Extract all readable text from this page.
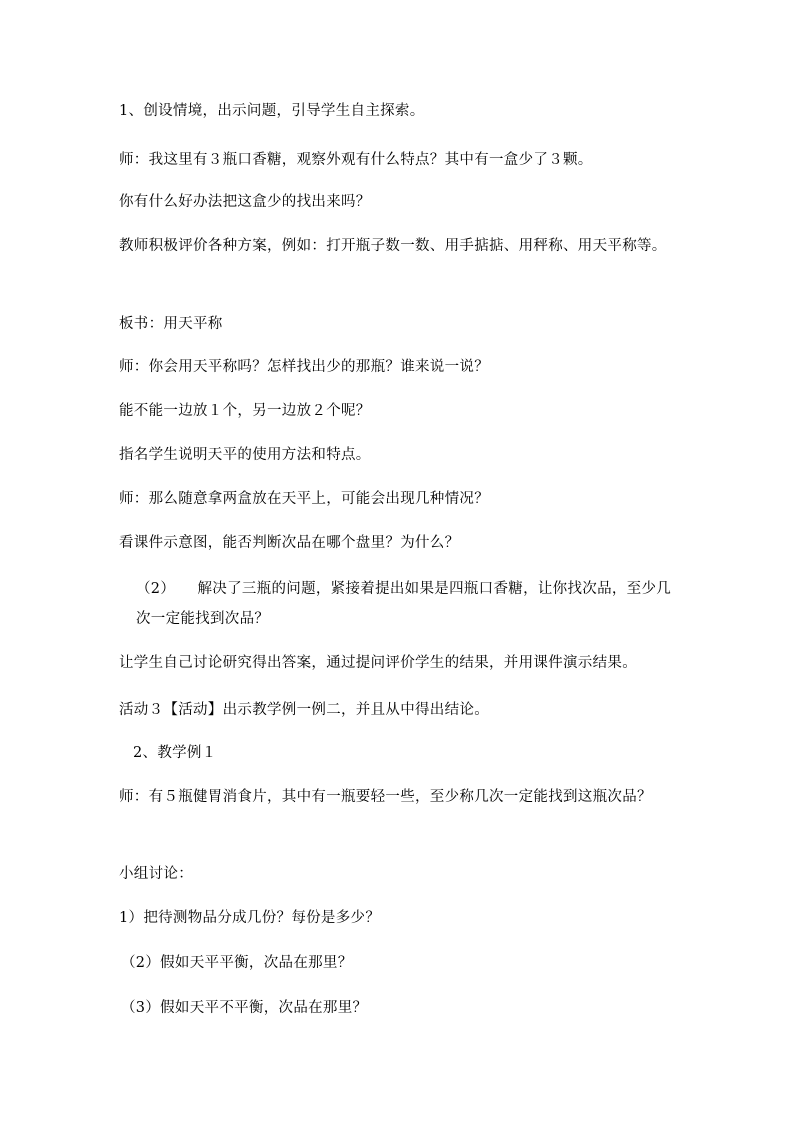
1、创设情境，出示问题，引导学生自主探索。
师：我这里有３瓶口香糖，观察外观有什么特点？其中有一盒少了３颗。
你有什么好办法把这盒少的找出来吗？
教师积极评价各种方案，例如：打开瓶子数一数、用手掂掂、用秤称、用天平称等。
板书：用天平称
师：你会用天平称吗？怎样找出少的那瓶？谁来说一说？
能不能一边放１个，另一边放２个呢？
指名学生说明天平的使用方法和特点。
师：那么随意拿两盒放在天平上，可能会出现几种情况？
看课件示意图，能否判断次品在哪个盘里？为什么？
（2）　　解决了三瓶的问题，紧接着提出如果是四瓶口香糖，让你找次品，至少几次一定能找到次品？
让学生自己讨论研究得出答案，通过提问评价学生的结果，并用课件演示结果。
活动３【活动】出示教学例一例二，并且从中得出结论。
2、教学例１
师：有５瓶健胃消食片，其中有一瓶要轻一些，至少称几次一定能找到这瓶次品？
小组讨论：
1）把待测物品分成几份？每份是多少？
（2）假如天平平衡，次品在那里？
（3）假如天平不平衡，次品在那里？
